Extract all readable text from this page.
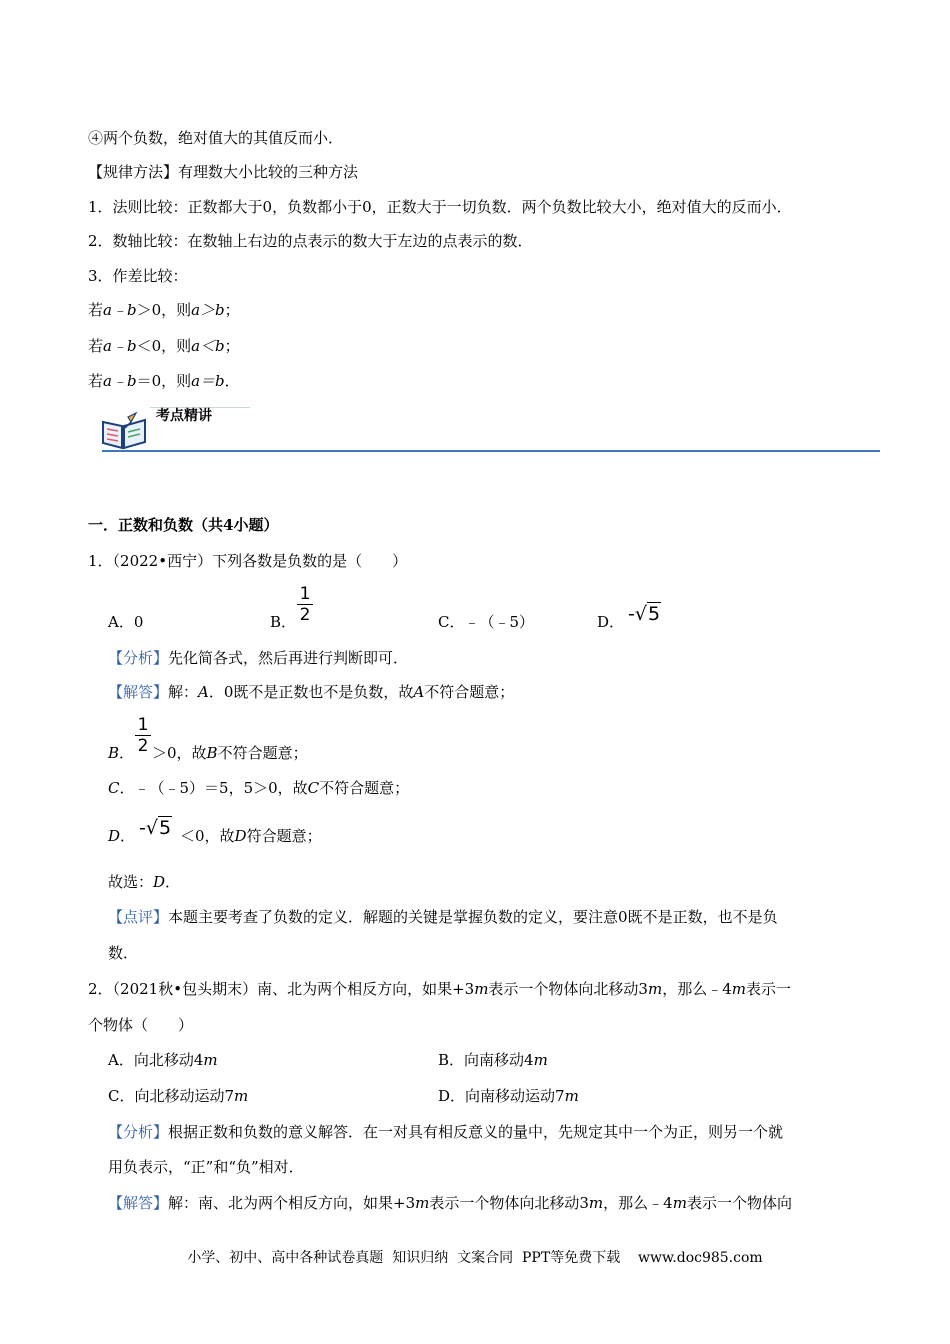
④两个负数，绝对值大的其值反而小．
【规律方法】有理数大小比较的三种方法
1．法则比较：正数都大于0，负数都小于0，正数大于一切负数．两个负数比较大小，绝对值大的反而小．
2．数轴比较：在数轴上右边的点表示的数大于左边的点表示的数．
3．作差比较：
若a﹣b＞0，则a＞b；
若a﹣b＜0，则a＜b；
若a﹣b＝0，则a＝b．
考点精讲
一．正数和负数（共4小题）
1．（2022•西宁）下列各数是负数的是（　　）
A．0	B．
1
2	C．﹣（﹣5）	D． -√5
【分析】先化简各式，然后再进行判断即可．
【解答】解：A．0既不是正数也不是负数，故A不符合题意；
B．
1
2 ＞0，故B不符合题意；
C．﹣（﹣5）＝5，5＞0，故C不符合题意；
D． -√5 ＜0，故D符合题意；
故选：D．
【点评】本题主要考查了负数的定义．解题的关键是掌握负数的定义，要注意0既不是正数，也不是负
数．
2．（2021秋•包头期末）南、北为两个相反方向，如果+3m表示一个物体向北移动3m，那么﹣4m表示一
个物体（　　）
A．向北移动4m	B．向南移动4m
C．向北移动运动7m	D．向南移动运动7m
【分析】根据正数和负数的意义解答．在一对具有相反意义的量中，先规定其中一个为正，则另一个就
用负表示，“正”和“负”相对．
【解答】解：南、北为两个相反方向，如果+3m表示一个物体向北移动3m，那么﹣4m表示一个物体向
小学、初中、高中各种试卷真题  知识归纳  文案合同  PPT等免费下载    www.doc985.com
